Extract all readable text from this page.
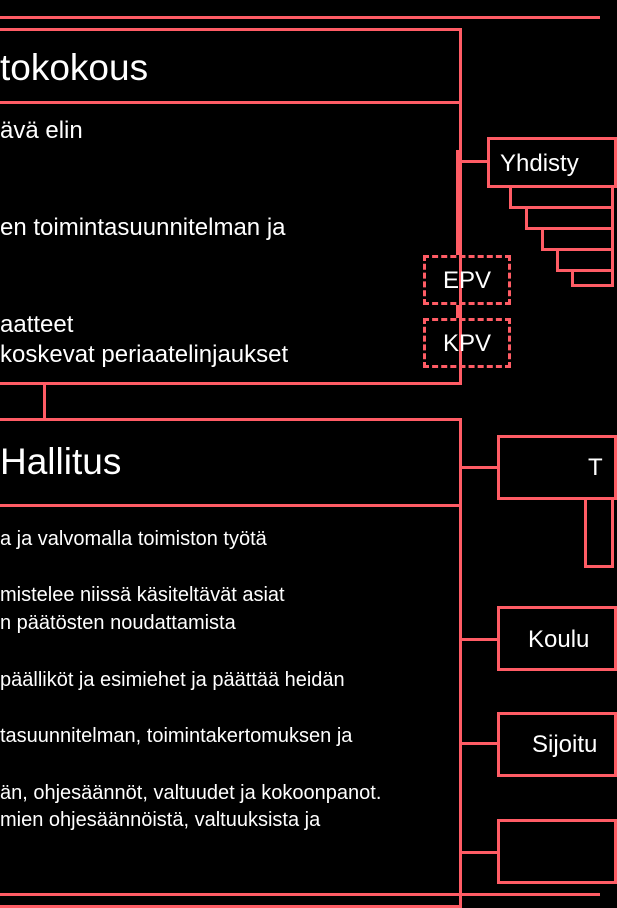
tokokous
ävä elin
en toimintasuunnitelman ja
aatteet
koskevat periaatelinjaukset
EPV
KPV
Yhdisty
Hallitus
a ja valvomalla toimiston työtä
mistelee niissä käsiteltävät asiat
n päätösten noudattamista
päälliköt ja esimiehet ja päättää heidän
tasuunnitelman, toimintakertomuksen ja
än, ohjesäännöt, valtuudet ja kokoonpanot.
mien ohjesäännöistä, valtuuksista ja
T
Koulu
Sijoitu
